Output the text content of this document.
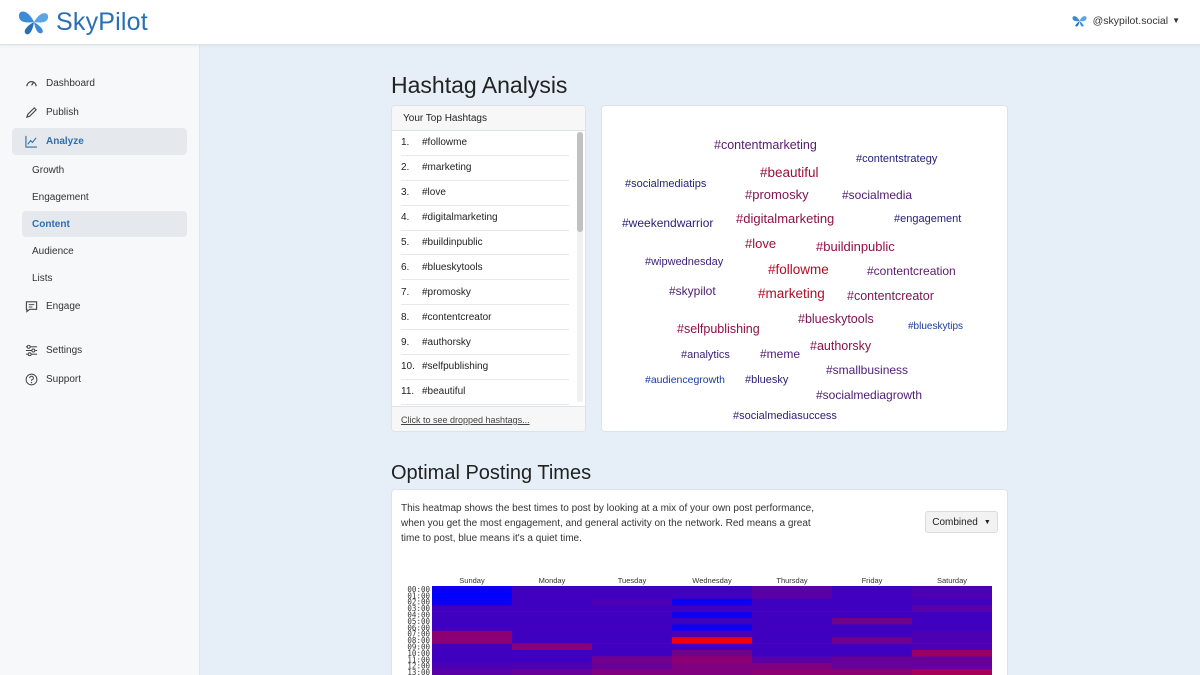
SkyPilot	@skypilot.social ▼
Dashboard
Publish
Analyze
Growth
Engagement
Content
Audience
Lists
Engage
Settings
Support
Hashtag Analysis
Your Top Hashtags
1.	#followme
2.	#marketing
3.	#love
4.	#digitalmarketing
5.	#buildinpublic
6.	#blueskytools
7.	#promosky
8.	#contentcreator
9.	#authorsky
10. #selfpublishing
11. #beautiful
Click to see dropped hashtags...
#contentmarketing
#beautiful
#contentstrategy
#socialmediatips
#promosky	#socialmedia
#weekendwarrior #digitalmarketing	#engagement
#love	#buildinpublic
#wipwednesday	#followme	#contentcreation
#skypilot	#marketing #contentcreator
#selfpublishing
#blueskytools
#blueskytips
#analytics	#meme
#authorsky
#smallbusiness
#audiencegrowth #bluesky
#socialmediagrowth
#socialmediasuccess
Optimal Posting Times
This heatmap shows the best times to post by looking at a mix of your own post performance, when you get the most engagement, and general activity on the network. Red means a great time to post, blue means it's a quiet time.
Combined ▼
Sunday	Monday	Tuesday	Wednesday	Thursday	Friday	Saturday
00:00
01:00
02:00
03:00
04:00
05:00
06:00
07:00
08:00
09:00
10:00
11:00
12:00
13:00
